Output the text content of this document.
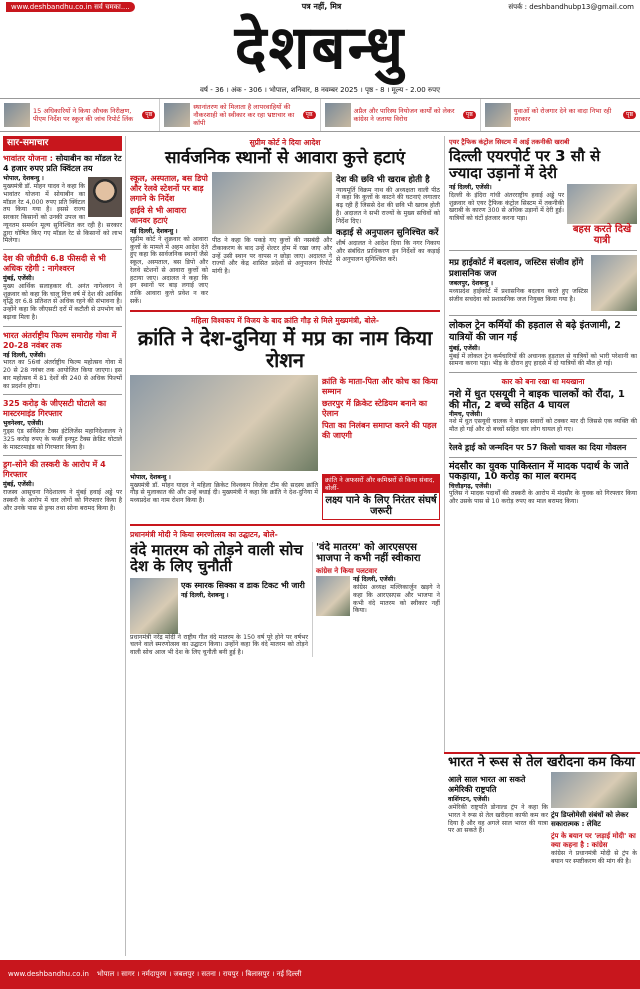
www.deshbandhu.co.in सर्व चमका....	पत्र नहीं, मित्र	संपर्क : deshbandhubp13@gmail.com
देशबन्धु
वर्ष - 36 । अंक - 306 । भोपाल, शनिवार, 8 नवम्बर 2025 । पृष्ठ - 8 । मूल्य - 2.00 रुपए
15 अधिकारियों ने किया औचक निरीक्षण, पीएम निर्देश पर स्कूल की जांच रिपोर्ट लिंक
पृष्ठ
स्थानांतरण को मिलाता है लापरवाहियों की नौकरशाही को स्वीकार कर रहा भ्रष्टाचार का कॉपी
पृष्ठ	अप्रैल और पारिस्थ नियोजन कार्यों को लेकर कांग्रेस ने जताया विरोध
पृष्ठ	युवाओं को रोजगार देने का वादा निभा रही सरकार
पृष्ठ
सार-समाचार
भावांतर योजना : सोयाबीन का मॉडल रेट 4 हजार रुपए प्रति क्विंटल तय
भोपाल, देशबन्धु ।
मुख्यमंत्री डॉ. मोहन यादव ने कहा कि भावांतर योजना में सोयाबीन का मॉडल रेट 4,000 रुपए प्रति क्विंटल तय किया गया है। इससे राज्य सरकार किसानों को उनकी उपज का न्यूनतम समर्थन मूल्य सुनिश्चित कर रही है। सरकार द्वारा घोषित किए गए मॉडल रेट से किसानों को लाभ मिलेगा।
देश की जीडीपी 6.8 फीसदी से भी अधिक रहेगी : नागेश्वरन
मुंबई, एजेंसी।
मुख्य आर्थिक सलाहकार वी. अनंत नागेश्वरन ने शुक्रवार को कहा कि चालू वित्त वर्ष में देश की आर्थिक वृद्धि दर 6.8 प्रतिशत से अधिक रहने की संभावना है। उन्होंने कहा कि जीएसटी दरों में कटौती से उपभोग को बढ़ावा मिला है।
भारत अंतर्राष्ट्रीय फिल्म समारोह गोवा में 20-28 नवंबर तक
नई दिल्ली, एजेंसी।
भारत का 56वां अंतर्राष्ट्रीय फिल्म महोत्सव गोवा में 20 से 28 नवंबर तक आयोजित किया जाएगा। इस बार महोत्सव में 81 देशों की 240 से अधिक फिल्मों का प्रदर्शन होगा।
325 करोड़ के जीएसटी घोटाले का मास्टरमाइंड गिरफ्तार
भुवनेश्वर, एजेंसी।
गुड्स एंड सर्विसेज टैक्स इंटेलिजेंस महानिदेशालय ने 325 करोड़ रुपए के फर्जी इनपुट टैक्स क्रेडिट घोटाले के मास्टरमाइंड को गिरफ्तार किया है।
ड्रग-सोने की तस्करी के आरोप में 4 गिरफ्तार
मुंबई, एजेंसी।
राजस्व आसूचना निदेशालय ने मुंबई हवाई अड्डे पर तस्करी के आरोप में चार लोगों को गिरफ्तार किया है और उनके पास से ड्रग्स तथा सोना बरामद किया है।
सुप्रीम कोर्ट ने दिया आदेश
सार्वजनिक स्थानों से आवारा कुत्ते हटाएं
स्कूल, अस्पताल, बस डिपो और रेलवे स्टेशनों पर बाड़ लगाने के निर्देश
हाईवे से भी आवारा जानवर हटाएं
नई दिल्ली, देशबन्धु ।
सुप्रीम कोर्ट ने शुक्रवार को आवारा कुत्तों के मामले में अहम आदेश देते हुए कहा कि सार्वजनिक स्थानों जैसे स्कूल, अस्पताल, बस डिपो और रेलवे स्टेशनों से आवारा कुत्तों को हटाया जाए। अदालत ने कहा कि इन स्थानों पर बाड़ लगाई जाए ताकि आवारा कुत्ते प्रवेश न कर सकें।
पीठ ने कहा कि पकड़े गए कुत्तों की नसबंदी और टीकाकरण के बाद उन्हें शेल्टर होम में रखा जाए और उन्हें उसी स्थान पर वापस न छोड़ा जाए। अदालत ने राज्यों और केंद्र शासित प्रदेशों से अनुपालन रिपोर्ट मांगी है।
देश की छवि भी खराब होती है
न्यायमूर्ति विक्रम नाथ की अध्यक्षता वाली पीठ ने कहा कि कुत्तों के काटने की घटनाएं लगातार बढ़ रही हैं जिससे देश की छवि भी खराब होती है। अदालत ने सभी राज्यों के मुख्य सचिवों को निर्देश दिए।
कड़ाई से अनुपालन सुनिश्चित करें
शीर्ष अदालत ने आदेश दिया कि नगर निकाय और संबंधित प्राधिकरण इन निर्देशों का कड़ाई से अनुपालन सुनिश्चित करें।
महिला विश्वकप में विजय के बाद क्रांति गौड़ से मिले मुख्यमंत्री, बोले-
क्रांति ने देश-दुनिया में मप्र का नाम किया रोशन
क्रांति के माता-पिता और कोच का किया सम्मान
छतरपुर में क्रिकेट स्टेडियम बनाने का ऐलान
पिता का निलंबन समाप्त करने की पहल की जाएगी
भोपाल, देशबन्धु ।
मुख्यमंत्री डॉ. मोहन यादव ने महिला क्रिकेट विश्वकप विजेता टीम की सदस्य क्रांति गौड़ से मुलाकात की और उन्हें बधाई दी। मुख्यमंत्री ने कहा कि क्रांति ने देश-दुनिया में मध्यप्रदेश का नाम रोशन किया है।
क्रांति ने अफसरों और कमिश्नरों से किया संवाद, बोलीं-
लक्ष्य पाने के लिए निरंतर संघर्ष जरूरी
प्रधानमंत्री मोदी ने किया स्मरणोत्सव का उद्घाटन, बोले-
वंदे मातरम को तोड़ने वाली सोच देश के लिए चुनौती
एक स्मारक सिक्का व डाक टिकट भी जारी
नई दिल्ली, देशबन्धु ।
प्रधानमंत्री नरेंद्र मोदी ने राष्ट्रीय गीत वंदे मातरम के 150 वर्ष पूरे होने पर वर्षभर चलने वाले स्मरणोत्सव का उद्घाटन किया। उन्होंने कहा कि वंदे मातरम को तोड़ने वाली सोच आज भी देश के लिए चुनौती बनी हुई है।
'वंदे मातरम' को आरएसएस भाजपा ने कभी नहीं स्वीकारा
कांग्रेस ने किया पलटवार
नई दिल्ली, एजेंसी।
कांग्रेस अध्यक्ष मल्लिकार्जुन खड़गे ने कहा कि आरएसएस और भाजपा ने कभी वंदे मातरम को स्वीकार नहीं किया।
एयर ट्रैफिक कंट्रोल सिस्टम में आई तकनीकी खराबी
दिल्ली एयरपोर्ट पर 3 सौ से ज्यादा उड़ानों में देरी
नई दिल्ली, एजेंसी।
दिल्ली के इंदिरा गांधी अंतरराष्ट्रीय हवाई अड्डे पर शुक्रवार को एयर ट्रैफिक कंट्रोल सिस्टम में तकनीकी खराबी के कारण 300 से अधिक उड़ानों में देरी हुई। यात्रियों को घंटों इंतजार करना पड़ा।
बहस करते दिखे यात्री
मप्र हाईकोर्ट में बदलाव, जस्टिस संजीव होंगे प्रशासनिक जज
जबलपुर, देशबन्धु ।
मध्यप्रदेश हाईकोर्ट में प्रशासनिक बदलाव करते हुए जस्टिस संजीव सचदेवा को प्रशासनिक जज नियुक्त किया गया है।
लोकल ट्रेन कर्मियों की हड़ताल से बढ़े इंतजामी, 2 यात्रियों की जान गई
मुंबई, एजेंसी।
मुंबई में लोकल ट्रेन कर्मचारियों की अचानक हड़ताल से यात्रियों को भारी परेशानी का सामना करना पड़ा। भीड़ के दौरान हुए हादसे में दो यात्रियों की मौत हो गई।
कार को बना रखा था मयखाना
नशे में धुत एसयूवी ने बाइक चालकों को रौंदा, 1 की मौत, 2 बच्चे सहित 4 घायल
नीमच, एजेंसी।
नशे में धुत एसयूवी चालक ने बाइक सवारों को टक्कर मार दी जिससे एक व्यक्ति की मौत हो गई और दो बच्चों सहित चार लोग घायल हो गए।
रेलवे ड्राई को जन्मदिन पर 57 किलो चावल का दिया गोवलन
मंदसौर का युवक पाकिस्तान में मादक पदार्थ के जाते पकड़ाया, 10 करोड़ का माल बरामद
चित्तौड़गढ़, एजेंसी।
पुलिस ने मादक पदार्थों की तस्करी के आरोप में मंदसौर के युवक को गिरफ्तार किया और उसके पास से 10 करोड़ रुपए का माल बरामद किया।
भारत ने रूस से तेल खरीदना कम किया
आले साल भारत आ सकते अमेरिकी राष्ट्रपति
वाशिंगटन, एजेंसी।
अमेरिकी राष्ट्रपति डोनाल्ड ट्रंप ने कहा कि भारत ने रूस से तेल खरीदना काफी कम कर दिया है और वह अगले साल भारत की यात्रा पर आ सकते हैं।
ट्रंप डिप्लोमेसी संबंधों को लेकर सकारात्मक : लेविट
ट्रंप के बयान पर 'लड़ाई मोदी' का क्या कहना है : कांग्रेस
कांग्रेस ने प्रधानमंत्री मोदी से ट्रंप के बयान पर स्पष्टीकरण की मांग की है।
www.deshbandhu.co.in भोपाल । सागर । नर्मदापुरम । जबलपुर । सतना । रायपुर । बिलासपुर । नई दिल्ली
